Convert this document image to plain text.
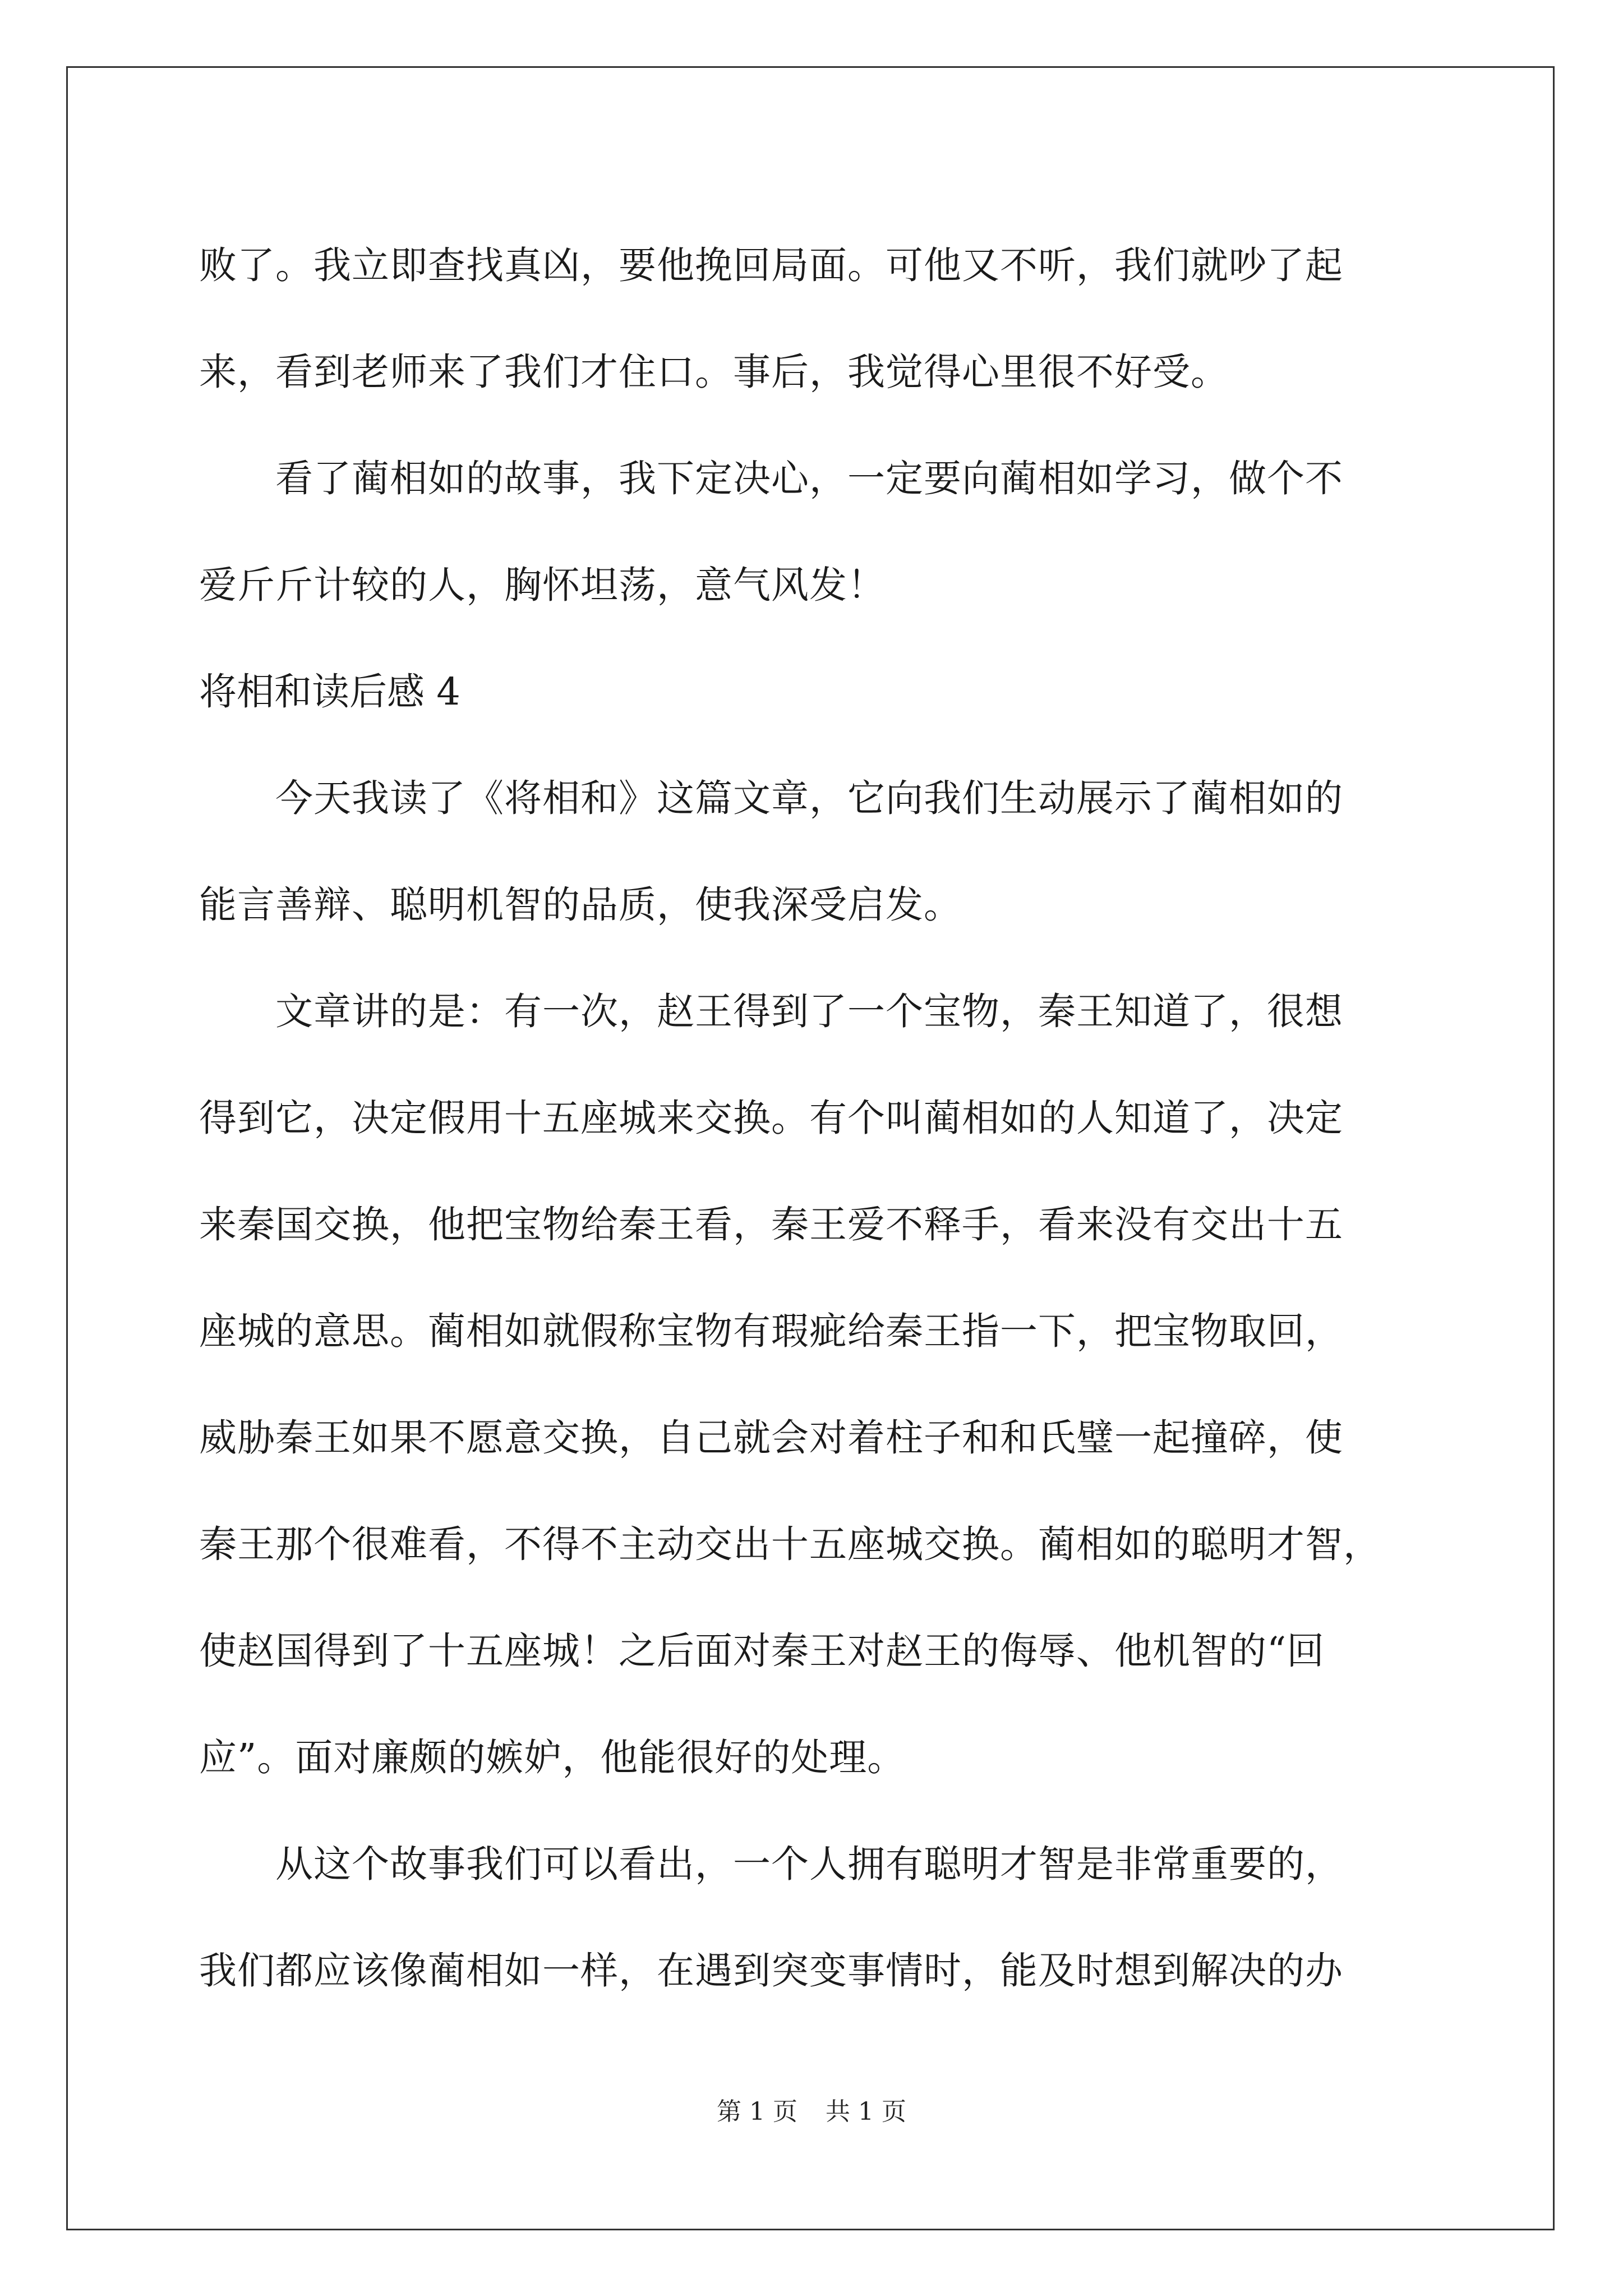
败了。我立即查找真凶，要他挽回局面。可他又不听，我们就吵了起
来，看到老师来了我们才住口。事后，我觉得心里很不好受。
看了蔺相如的故事，我下定决心，一定要向蔺相如学习，做个不
爱斤斤计较的人，胸怀坦荡，意气风发！
将相和读后感 4
今天我读了《将相和》这篇文章，它向我们生动展示了蔺相如的
能言善辩、聪明机智的品质，使我深受启发。
文章讲的是：有一次，赵王得到了一个宝物，秦王知道了，很想
得到它，决定假用十五座城来交换。有个叫蔺相如的人知道了，决定
来秦国交换，他把宝物给秦王看，秦王爱不释手，看来没有交出十五
座城的意思。蔺相如就假称宝物有瑕疵给秦王指一下，把宝物取回，
威胁秦王如果不愿意交换，自己就会对着柱子和和氏璧一起撞碎，使
秦王那个很难看，不得不主动交出十五座城交换。蔺相如的聪明才智，
使赵国得到了十五座城！之后面对秦王对赵王的侮辱、他机智的“回
应”。面对廉颇的嫉妒，他能很好的处理。
从这个故事我们可以看出，一个人拥有聪明才智是非常重要的，
我们都应该像蔺相如一样，在遇到突变事情时，能及时想到解决的办
第 1 页 共 1 页
